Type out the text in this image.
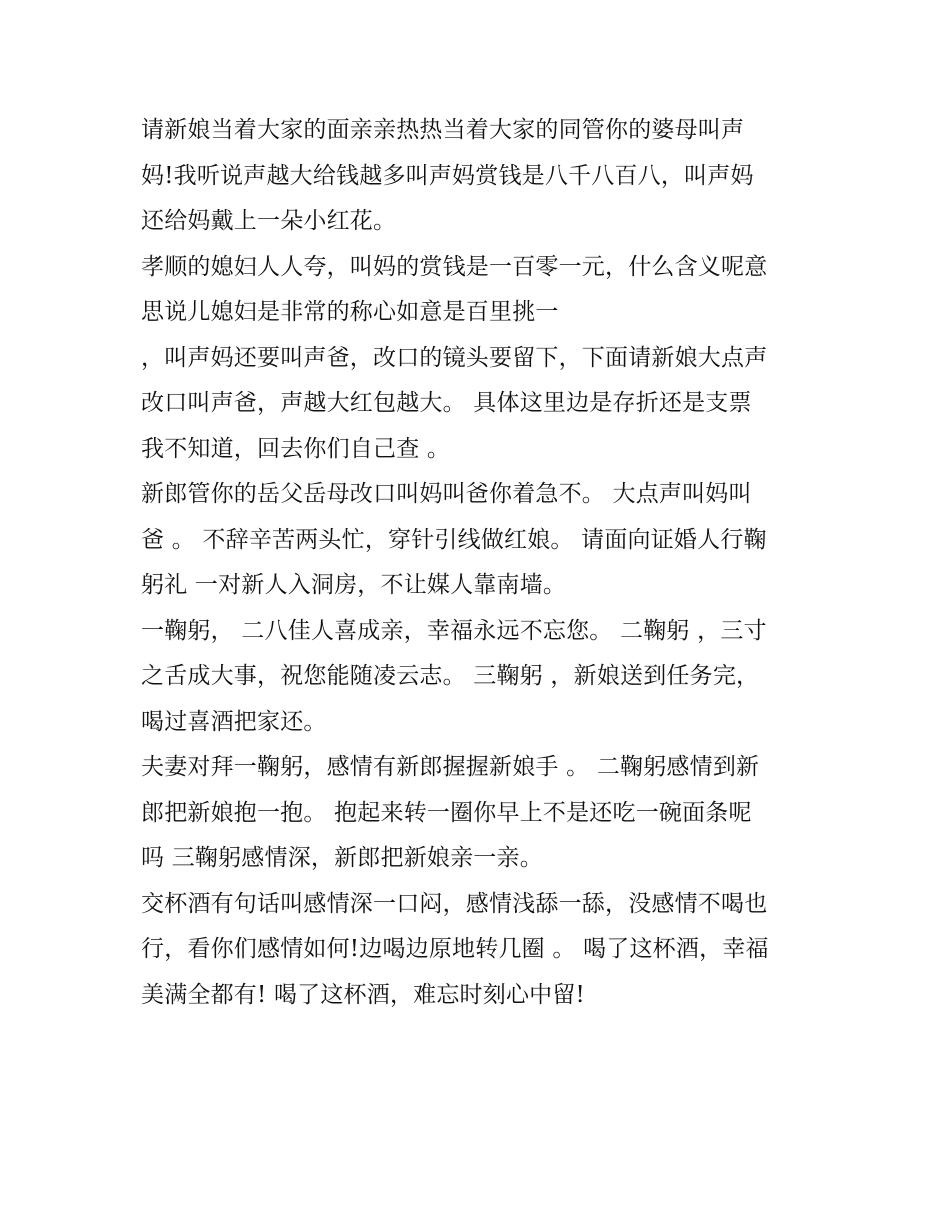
请新娘当着大家的面亲亲热热当着大家的同管你的婆母叫声
妈!我听说声越大给钱越多叫声妈赏钱是八千八百八，叫声妈
还给妈戴上一朵小红花。
孝顺的媳妇人人夸，叫妈的赏钱是一百零一元，什么含义呢意
思说儿媳妇是非常的称心如意是百里挑一
，叫声妈还要叫声爸，改口的镜头要留下，下面请新娘大点声
改口叫声爸，声越大红包越大。 具体这里边是存折还是支票
我不知道，回去你们自己查 。
新郎管你的岳父岳母改口叫妈叫爸你着急不。 大点声叫妈叫
爸 。 不辞辛苦两头忙，穿针引线做红娘。 请面向证婚人行鞠
躬礼 一对新人入洞房，不让媒人靠南墙。
一鞠躬， 二八佳人喜成亲，幸福永远不忘您。 二鞠躬 ，三寸
之舌成大事，祝您能随凌云志。 三鞠躬 ，新娘送到任务完，
喝过喜酒把家还。
夫妻对拜一鞠躬，感情有新郎握握新娘手 。 二鞠躬感情到新
郎把新娘抱一抱。 抱起来转一圈你早上不是还吃一碗面条呢
吗 三鞠躬感情深，新郎把新娘亲一亲。
交杯酒有句话叫感情深一口闷，感情浅舔一舔，没感情不喝也
行，看你们感情如何!边喝边原地转几圈 。 喝了这杯酒，幸福
美满全都有! 喝了这杯酒，难忘时刻心中留!
